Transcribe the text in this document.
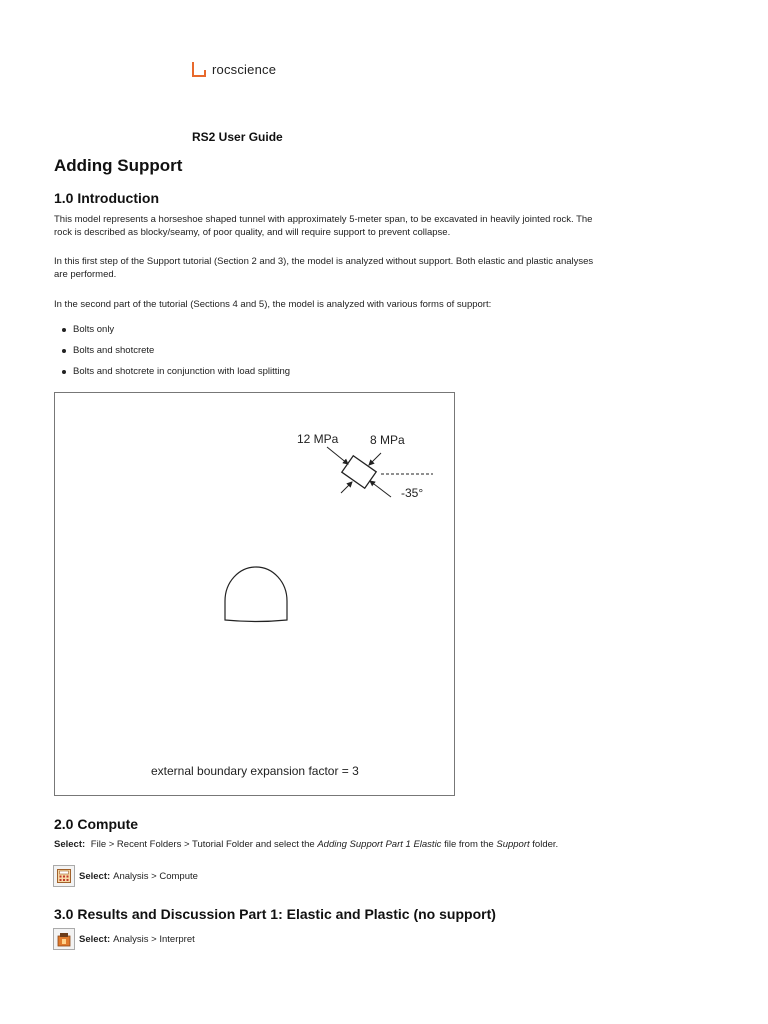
rocscience
RS2 User Guide
Adding Support
1.0 Introduction

This model represents a horseshoe shaped tunnel with approximately 5-meter span, to be excavated in heavily jointed rock. The rock is described as blocky/seamy, of poor quality, and will require support to prevent collapse.

In this first step of the Support tutorial (Section 2 and 3), the model is analyzed without support. Both elastic and plastic analyses are performed.

In the second part of the tutorial (Sections 4 and 5), the model is analyzed with various forms of support:

Bolts only
Bolts and shotcrete
Bolts and shotcrete in conjunction with load splitting
12 MPa	8 MPa
-35°
external boundary expansion factor = 3
2.0 Compute

Select: File > Recent Folders > Tutorial Folder and select the Adding Support Part 1 Elastic file from the Support folder.

Select: Analysis > Compute
3.0 Results and Discussion Part 1: Elastic and Plastic (no support)
Select: Analysis > Interpret
